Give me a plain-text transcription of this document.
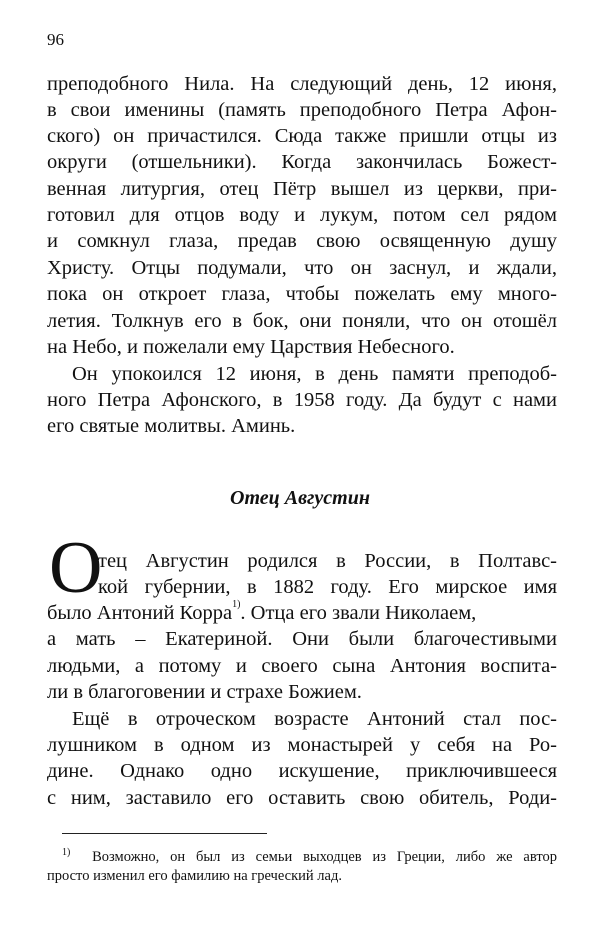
96
преподобного Нила. На следующий день, 12 июня,
в свои именины (память преподобного Петра Афон-
ского) он причастился. Сюда также пришли отцы из
округи (отшельники). Когда закончилась Божест-
венная литургия, отец Пётр вышел из церкви, при-
готовил для отцов воду и лукум, потом сел рядом
и сомкнул глаза, предав свою освященную душу
Христу. Отцы подумали, что он заснул, и ждали,
пока он откроет глаза, чтобы пожелать ему много-
летия. Толкнув его в бок, они поняли, что он отошёл
на Небо, и пожелали ему Царствия Небесного.
Он упокоился 12 июня, в день памяти преподоб-
ного Петра Афонского, в 1958 году. Да будут с нами
его святые молитвы. Аминь.
Отец Августин
О
тец Августин родился в России, в Полтавс-
кой губернии, в 1882 году. Его мирское имя
было Антоний Корра$^{1)}$. Отца его звали Николаем,
а мать – Екатериной. Они были благочестивыми
людьми, а потому и своего сына Антония воспита-
ли в благоговении и страхе Божием.
Ещё в отроческом возрасте Антоний стал пос-
лушником в одном из монастырей у себя на Ро-
дине. Однако одно искушение, приключившееся
с ним, заставило его оставить свою обитель, Роди-
$^{1)}$ Возможно, он был из семьи выходцев из Греции, либо же автор
просто изменил его фамилию на греческий лад.
